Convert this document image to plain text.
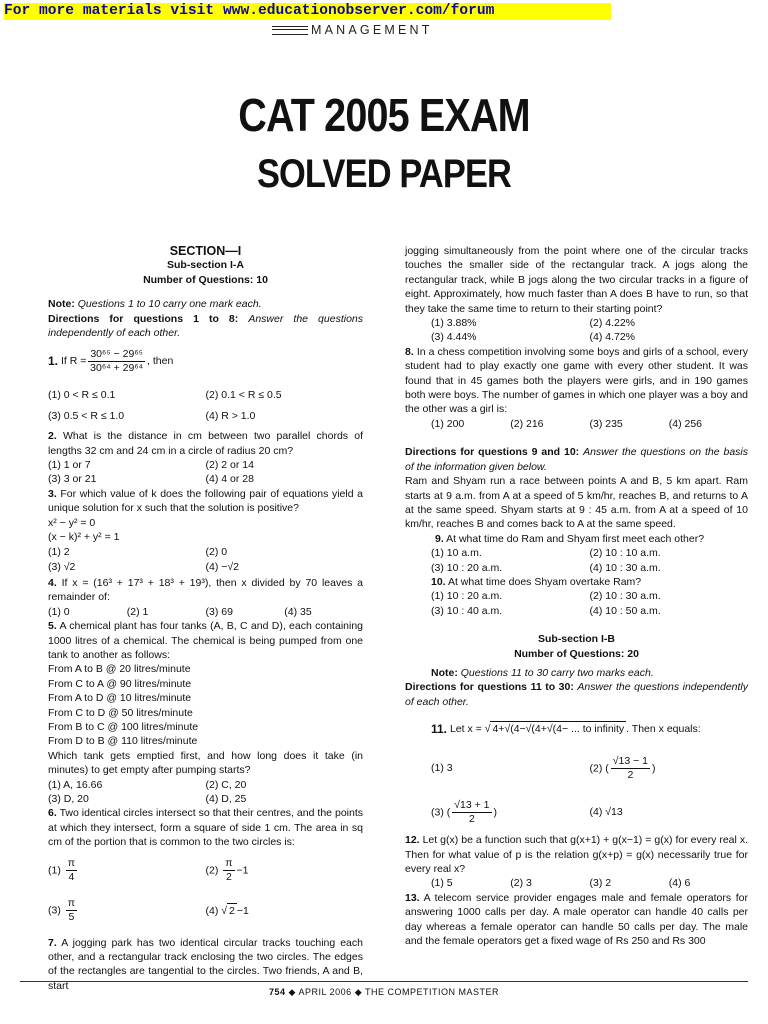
For more materials visit www.educationobserver.com/forum
MANAGEMENT
CAT 2005 EXAM
SOLVED PAPER

SECTION—I

Sub-section I-A

Number of Questions: 10

Note: Questions 1 to 10 carry one mark each.

Directions for questions 1 to 8: Answer the questions independently of each other.

1.
If $R = \frac{\text{30⁶⁵ − 29⁶⁵}}{\text{30⁶⁴ + 29⁶⁴}}$ , then
(1) 0 < R ≤ 0.1	(2) 0.1 < R ≤ 0.5
(3) 0.5 < R ≤ 1.0	(4) R > 1.0

2. What is the distance in cm between two parallel chords of lengths 32 cm and 24 cm in a circle of radius 20 cm?

(1) 1 or 7	(2) 2 or 14
(3) 3 or 21	(4) 4 or 28

3. For which value of k does the following pair of equations yield a unique solution for x such that the solution is positive?

x² − y² = 0

(x − k)² + y² = 1

(1) 2	(2) 0
(3) √2	(4) −√2

4. If x = (16³ + 17³ + 18³ + 19³), then x divided by 70 leaves a remainder of:

(1) 0	(2) 1	(3) 69	(4) 35

5. A chemical plant has four tanks (A, B, C and D), each containing 1000 litres of a chemical. The chemical is being pumped from one tank to another as follows:

From A to B @ 20 litres/minute

From C to A @ 90 litres/minute

From A to D @ 10 litres/minute

From C to D @ 50 litres/minute

From B to C @ 100 litres/minute

From D to B @ 110 litres/minute

Which tank gets emptied first, and how long does it take (in minutes) to get empty after pumping starts?

(1) A, 16.66	(2) C, 20
(3) D, 20	(4) D, 25

6. Two identical circles intersect so that their centres, and the points at which they intersect, form a square of side 1 cm. The area in sq cm of the portion that is common to the two circles is:

$(1) \frac{\pi}{4}$	$(2) \frac{\pi}{2} -1$
$(3) \frac{\pi}{5}$	(4) √ 2 −1

7. A jogging park has two identical circular tracks touching each other, and a rectangular track enclosing the two circles. The edges of the rectangles are tangential to the circles. Two friends, A and B, start

jogging simultaneously from the point where one of the circular tracks touches the smaller side of the rectangular track. A jogs along the rectangular track, while B jogs along the two circular tracks in a figure of eight. Approximately, how much faster than A does B have to run, so that they take the same time to return to their starting point?

(1) 3.88%	(2) 4.22%
(3) 4.44%	(4) 4.72%

8. In a chess competition involving some boys and girls of a school, every student had to play exactly one game with every other student. It was found that in 45 games both the players were girls, and in 190 games both were boys. The number of games in which one player was a boy and the other was a girl is:

(1) 200	(2) 216	(3) 235	(4) 256

Directions for questions 9 and 10: Answer the questions on the basis of the information given below.

Ram and Shyam run a race between points A and B, 5 km apart. Ram starts at 9 a.m. from A at a speed of 5 km/hr, reaches B, and returns to A at the same speed. Shyam starts at 9 : 45 a.m. from A at a speed of 10 km/hr, reaches B and comes back to A at the same speed.

9. At what time do Ram and Shyam first meet each other?

(1) 10 a.m.	(2) 10 : 10 a.m.
(3) 10 : 20 a.m.	(4) 10 : 30 a.m.

10. At what time does Shyam overtake Ram?

(1) 10 : 20 a.m.	(2) 10 : 30 a.m.
(3) 10 : 40 a.m.	(4) 10 : 50 a.m.

Sub-section I-B

Number of Questions: 20

Note: Questions 11 to 30 carry two marks each.

Directions for questions 11 to 30: Answer the questions independently of each other.

11.
Let x = √ 4+√(4−√(4+√(4− ... to infinity . Then x equals:
(1) 3	(2) ( $\frac{√13 - 1}{2}$ )
(3) ( $\frac{√13 + 1}{2}$ )	(4) √13

12. Let g(x) be a function such that g(x+1) + g(x−1) = g(x) for every real x. Then for what value of p is the relation g(x+p) = g(x) necessarily true for every real x?

(1) 5	(2) 3	(3) 2	(4) 6

13. A telecom service provider engages male and female operators for answering 1000 calls per day. A male operator can handle 40 calls per day whereas a female operator can handle 50 calls per day. The male and the female operators get a fixed wage of Rs 250 and Rs 300

754 ◆ APRIL 2006 ◆ THE COMPETITION MASTER
